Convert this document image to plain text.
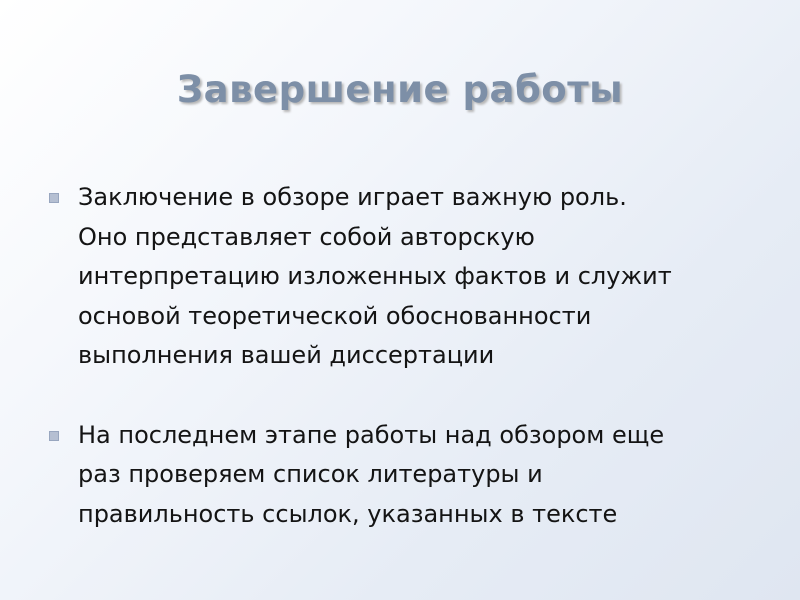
Завершение работы
Заключение в обзоре играет важную роль.
Оно представляет собой авторскую
интерпретацию изложенных фактов и служит
основой теоретической обоснованности
выполнения вашей диссертации
На последнем этапе работы над обзором еще
раз проверяем список литературы и
правильность ссылок, указанных в тексте
